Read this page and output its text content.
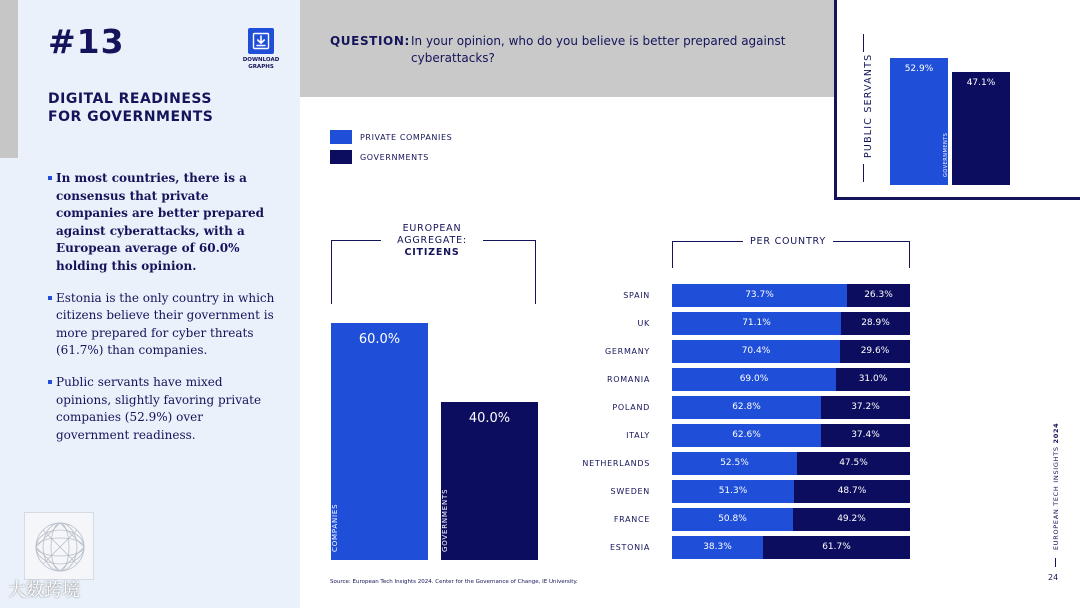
#13	DOWNLOAD
GRAPHS
DIGITAL READINESS
FOR GOVERNMENTS
In most countries, there is a consensus that private companies are better prepared against cyberattacks, with a European average of 60.0% holding this opinion.
Estonia is the only country in which citizens believe their government is more prepared for cyber threats (61.7%) than companies.
Public servants have mixed opinions, slightly favoring private companies (52.9%) over government readiness.
大数跨境
QUESTION: In your opinion, who do you believe is better prepared against cyberattacks?
PRIVATE COMPANIES
GOVERNMENTS	PUBLIC SERVANTS	52.9%

PRIVATE COMPANIES

47.1%

GOVERNMENTS

EUROPEAN
AGGREGATE:
CITIZENS
60.0%
PRIVATE COMPANIES
40.0%
GOVERNMENTS
PER COUNTRY
SPAIN	73.7%	26.3%
UK	71.1%	28.9%
GERMANY	70.4%	29.6%
ROMANIA	69.0%	31.0%
POLAND	62.8%	37.2%
ITALY	62.6%	37.4%
NETHERLANDS	52.5%	47.5%
SWEDEN	51.3%	48.7%
FRANCE	50.8%	49.2%
ESTONIA	38.3%	61.7%
Source: European Tech Insights 2024. Center for the Governance of Change, IE University.
EUROPEAN TECH INSIGHTS 2024
24
